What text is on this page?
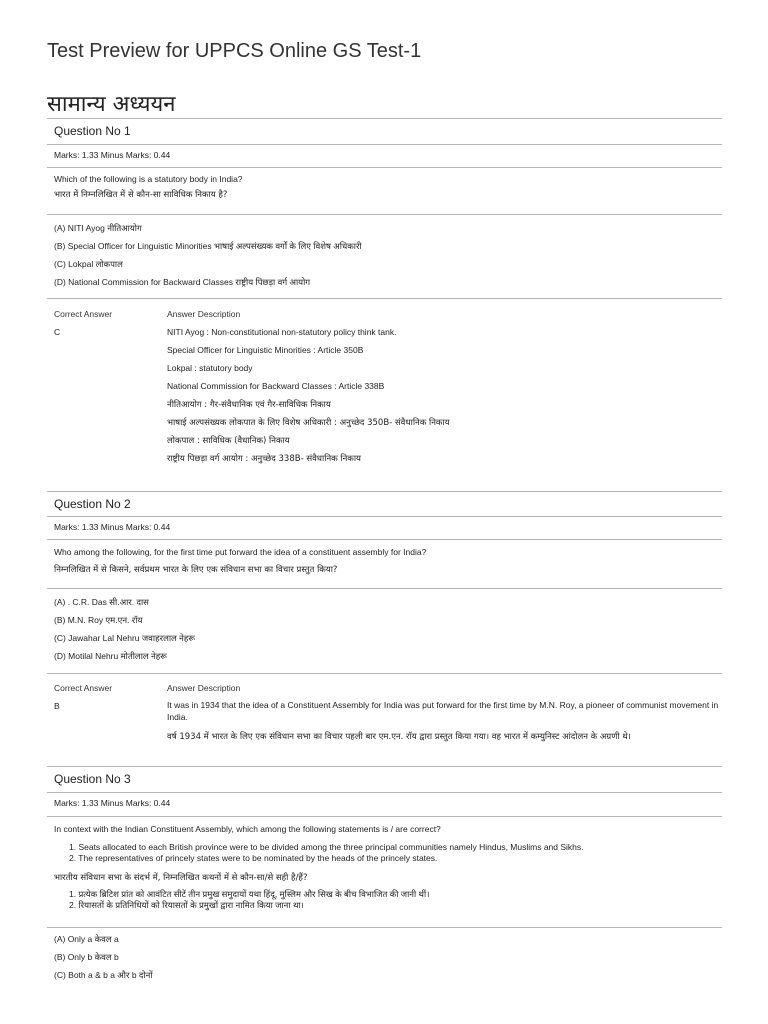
Test Preview for UPPCS Online GS Test-1
सामान्य अध्ययन
Question No 1
Marks: 1.33 Minus Marks: 0.44
Which of the following is a statutory body in India?
भारत में निम्नलिखित में से कौन-सा साविधिक निकाय है?
(A) NITI Ayog नीतिआयोग
(B) Special Officer for Linguistic Minorities भाषाई अल्पसंख्यक वर्गों के लिए विशेष अधिकारी
(C) Lokpal लोकपाल
(D) National Commission for Backward Classes राष्ट्रीय पिछड़ा वर्ग आयोग
Correct Answer	Answer Description
C	NITI Ayog : Non-constitutional non-statutory policy think tank.
Special Officer for Linguistic Minorities : Article 350B
Lokpal : statutory body
National Commission for Backward Classes : Article 338B
नीतिआयोग : गैर-संवैधानिक एवं गैर-साविधिक निकाय
भाषाई अल्पसंख्यक लोकपात के लिए विशेष अधिकारी : अनुच्छेद 350B- संवैधानिक निकाय
लोकपाल : साविधिक (वैधानिक) निकाय
राष्ट्रीय पिछड़ा वर्ग आयोग : अनुच्छेद 338B- संवैधानिक निकाय
Question No 2
Marks: 1.33 Minus Marks: 0.44
Who among the following, for the first time put forward the idea of a constituent assembly for India?
निम्नलिखित में से किसने, सर्वप्रथम भारत के लिए एक संविधान सभा का विचार प्रस्तुत किया?
(A) . C.R. Das सी.आर. दास
(B) M.N. Roy एम.एन. रॉय
(C) Jawahar Lal Nehru जवाहरलाल नेहरू
(D) Motilal Nehru मोतीलाल नेहरू
Correct Answer	Answer Description
B	It was in 1934 that the idea of a Constituent Assembly for India was put forward for the first time by M.N. Roy, a pioneer of communist movement in India.
वर्ष 1934 में भारत के लिए एक संविधान सभा का विचार पहली बार एम.एन. रॉय द्वारा प्रस्तुत किया गया। वह भारत में कम्युनिस्ट आंदोलन के अग्रणी थे।
Question No 3
Marks: 1.33 Minus Marks: 0.44
In context with the Indian Constituent Assembly, which among the following statements is / are correct?
1. Seats allocated to each British province were to be divided among the three principal communities namely Hindus, Muslims and Sikhs.
2. The representatives of princely states were to be nominated by the heads of the princely states.
भारतीय संविधान सभा के संदर्भ में, निम्नलिखित कथनों में से कौन-सा/से सही है/हैं?
1. प्रत्येक ब्रिटिश प्रांत को आवंटित सीटें तीन प्रमुख समुदायों यथा हिंदू, मुस्लिम और सिख के बीच विभाजित की जानी थीं।
2. रियासतों के प्रतिनिधियों को रियासतों के प्रमुखों द्वारा नामित किया जाना था।
(A) Only a केवल a
(B) Only b केवल b
(C) Both a & b a और b दोनों
